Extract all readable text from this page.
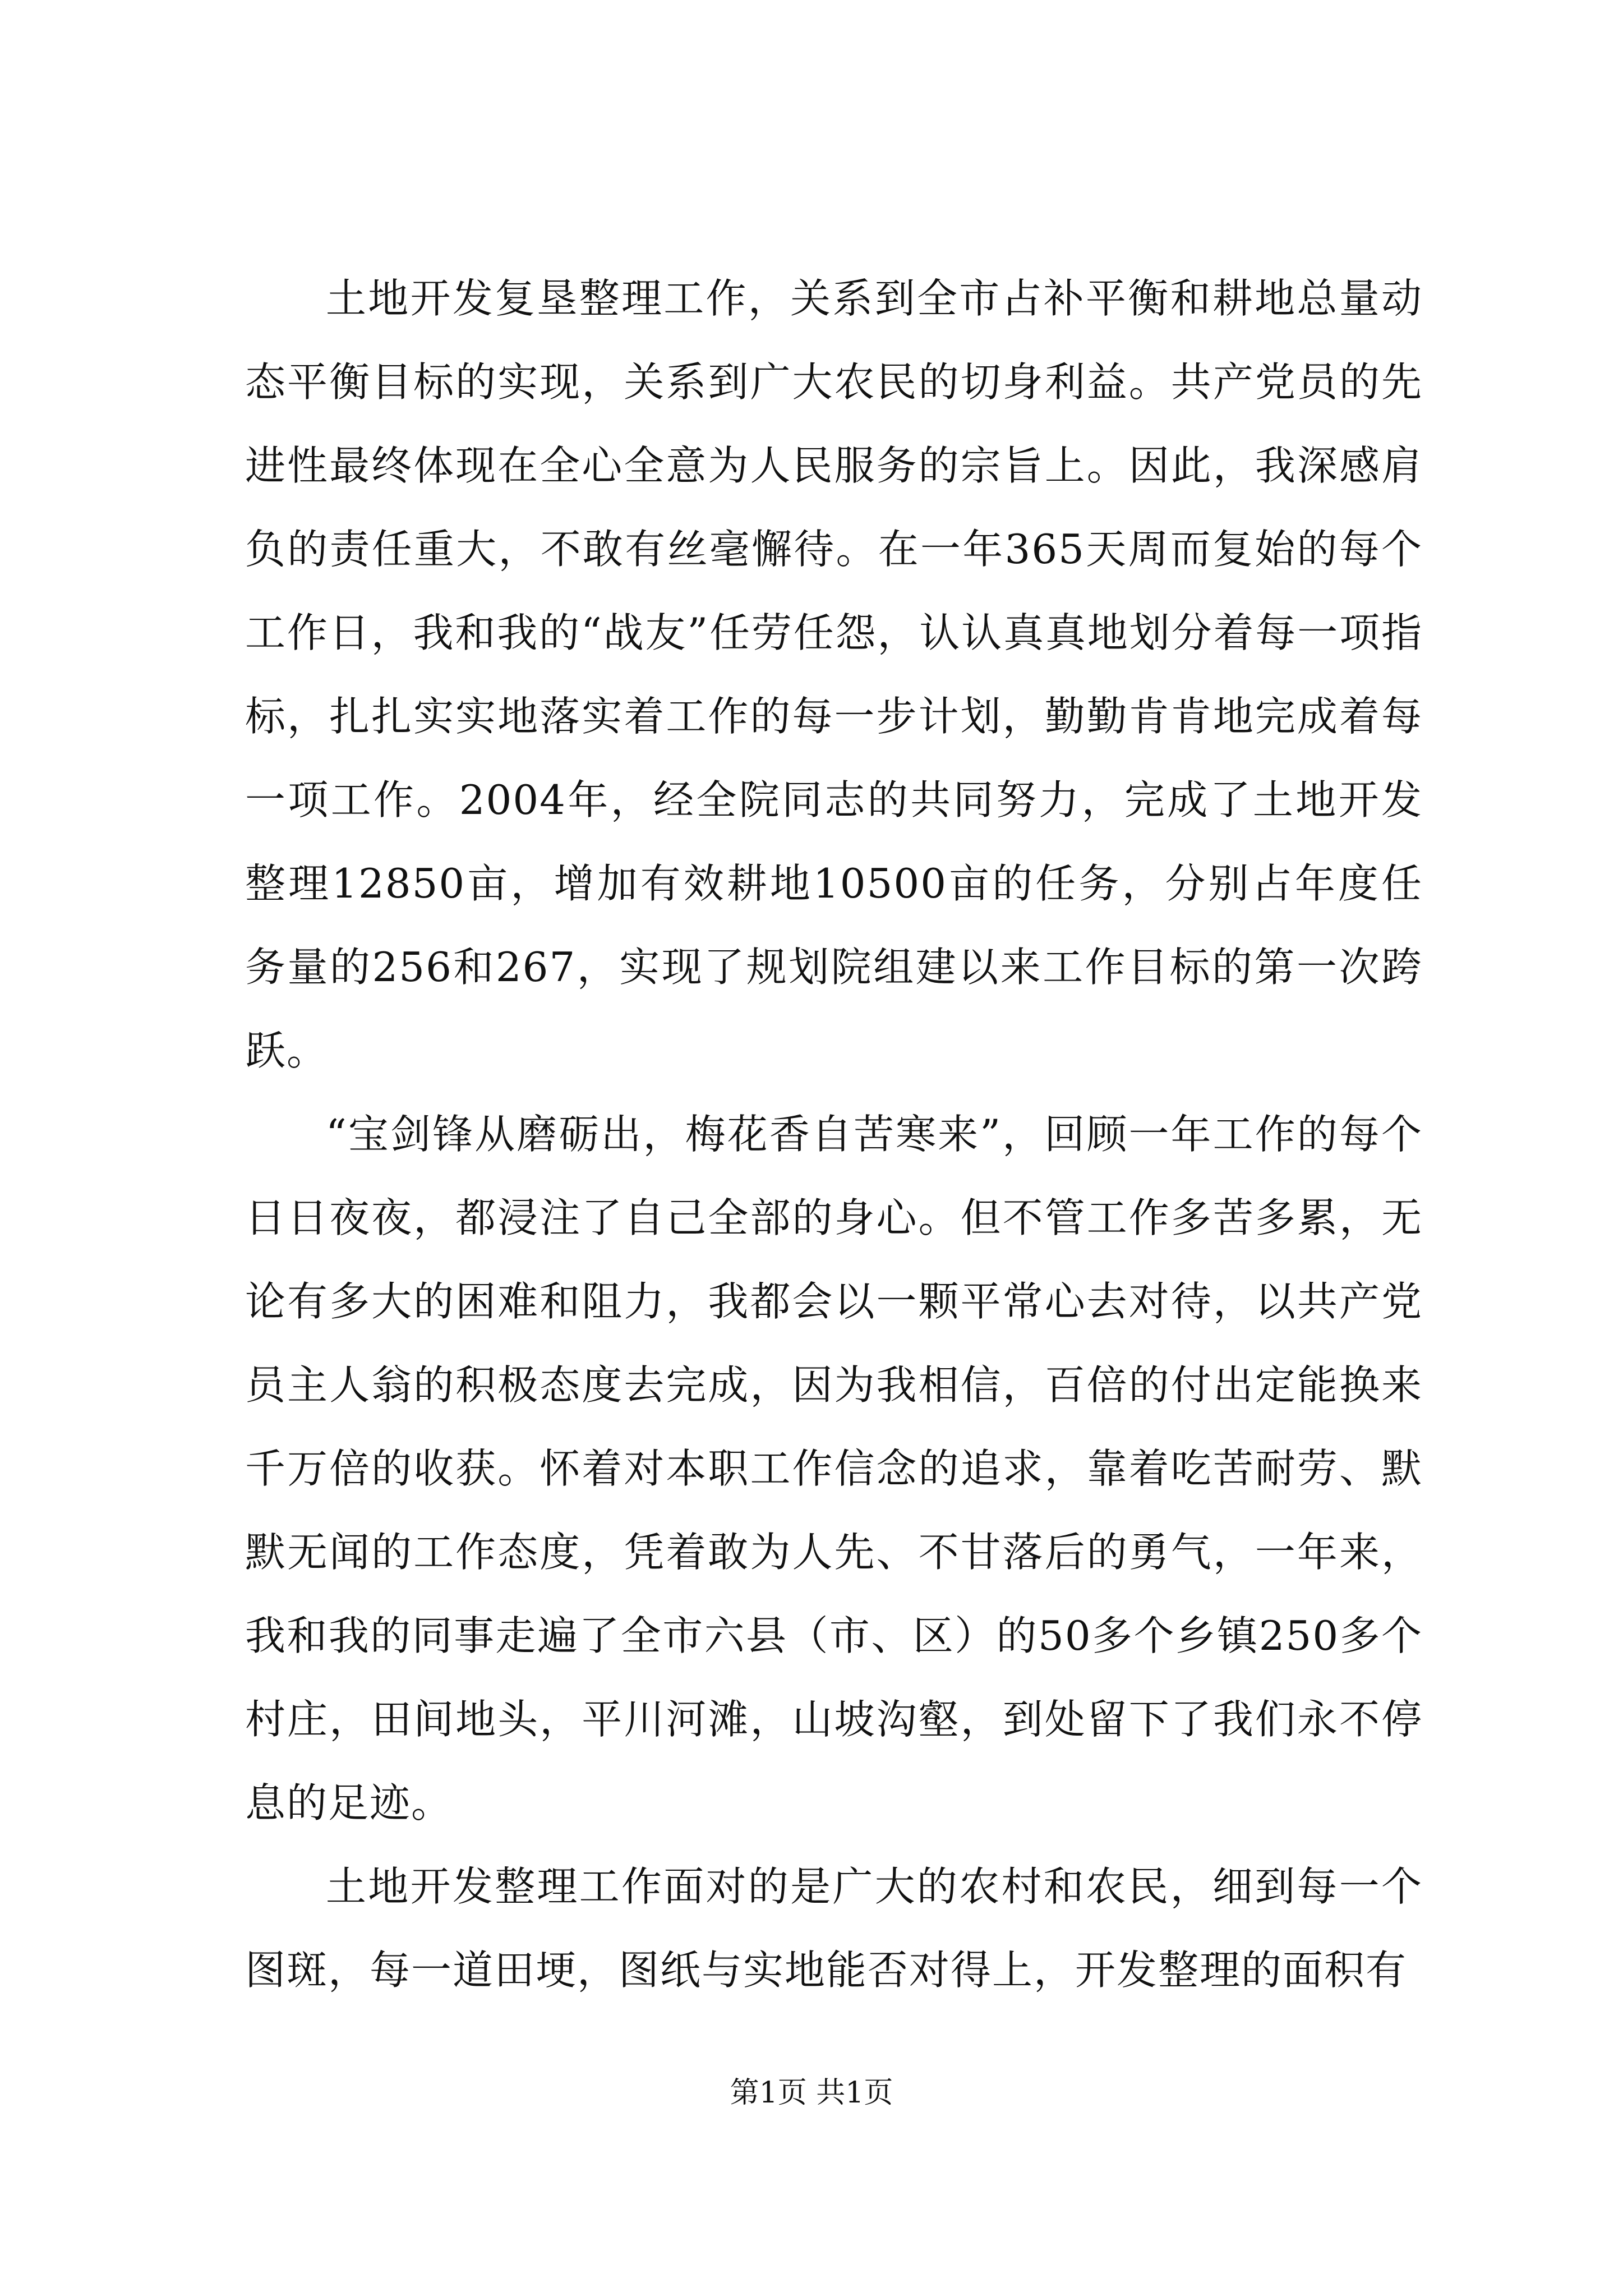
土地开发复垦整理工作，关系到全市占补平衡和耕地总量动态平衡目标的实现，关系到广大农民的切身利益。共产党员的先进性最终体现在全心全意为人民服务的宗旨上。因此，我深感肩负的责任重大，不敢有丝毫懈待。在一年365天周而复始的每个工作日，我和我的“战友”任劳任怨，认认真真地划分着每一项指标，扎扎实实地落实着工作的每一步计划，勤勤肯肯地完成着每一项工作。2004年，经全院同志的共同努力，完成了土地开发整理12850亩，增加有效耕地10500亩的任务，分别占年度任务量的256和267，实现了规划院组建以来工作目标的第一次跨跃。

“宝剑锋从磨砺出，梅花香自苦寒来”，回顾一年工作的每个日日夜夜，都浸注了自己全部的身心。但不管工作多苦多累，无论有多大的困难和阻力，我都会以一颗平常心去对待，以共产党员主人翁的积极态度去完成，因为我相信，百倍的付出定能换来千万倍的收获。怀着对本职工作信念的追求，靠着吃苦耐劳、默默无闻的工作态度，凭着敢为人先、不甘落后的勇气，一年来，我和我的同事走遍了全市六县（市、区）的50多个乡镇250多个村庄，田间地头，平川河滩，山坡沟壑，到处留下了我们永不停息的足迹。

土地开发整理工作面对的是广大的农村和农民，细到每一个图斑，每一道田埂，图纸与实地能否对得上，开发整理的面积有

第1页 共1页
